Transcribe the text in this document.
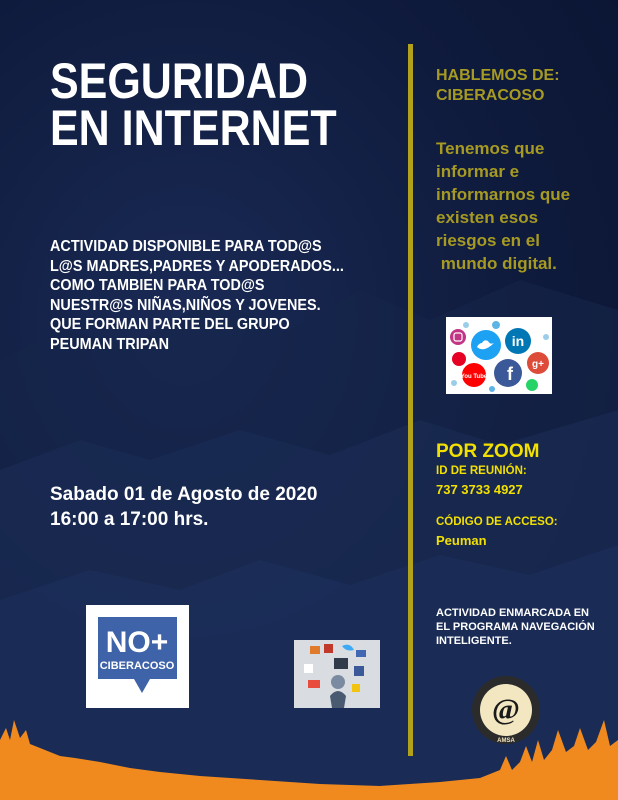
SEGURIDAD
EN INTERNET
ACTIVIDAD DISPONIBLE PARA TOD@S
L@S MADRES,PADRES Y APODERADOS...
COMO TAMBIEN PARA TOD@S
NUESTR@S NIÑAS,NIÑOS Y JOVENES.
QUE FORMAN PARTE DEL GRUPO
PEUMAN TRIPAN
Sabado 01 de Agosto de 2020
16:00 a 17:00 hrs.
HABLEMOS DE:
CIBERACOSO
Tenemos que
informar e
informarnos que
existen esos
riesgos en el
mundo digital.
in
g+
You Tube f
POR ZOOM
ID DE REUNIÓN:
737 3733 4927
CÓDIGO DE ACCESO:
Peuman
ACTIVIDAD ENMARCADA EN
EL PROGRAMA NAVEGACIÓN
INTELIGENTE.
NO+
CIBERACOSO
@
AMSA
